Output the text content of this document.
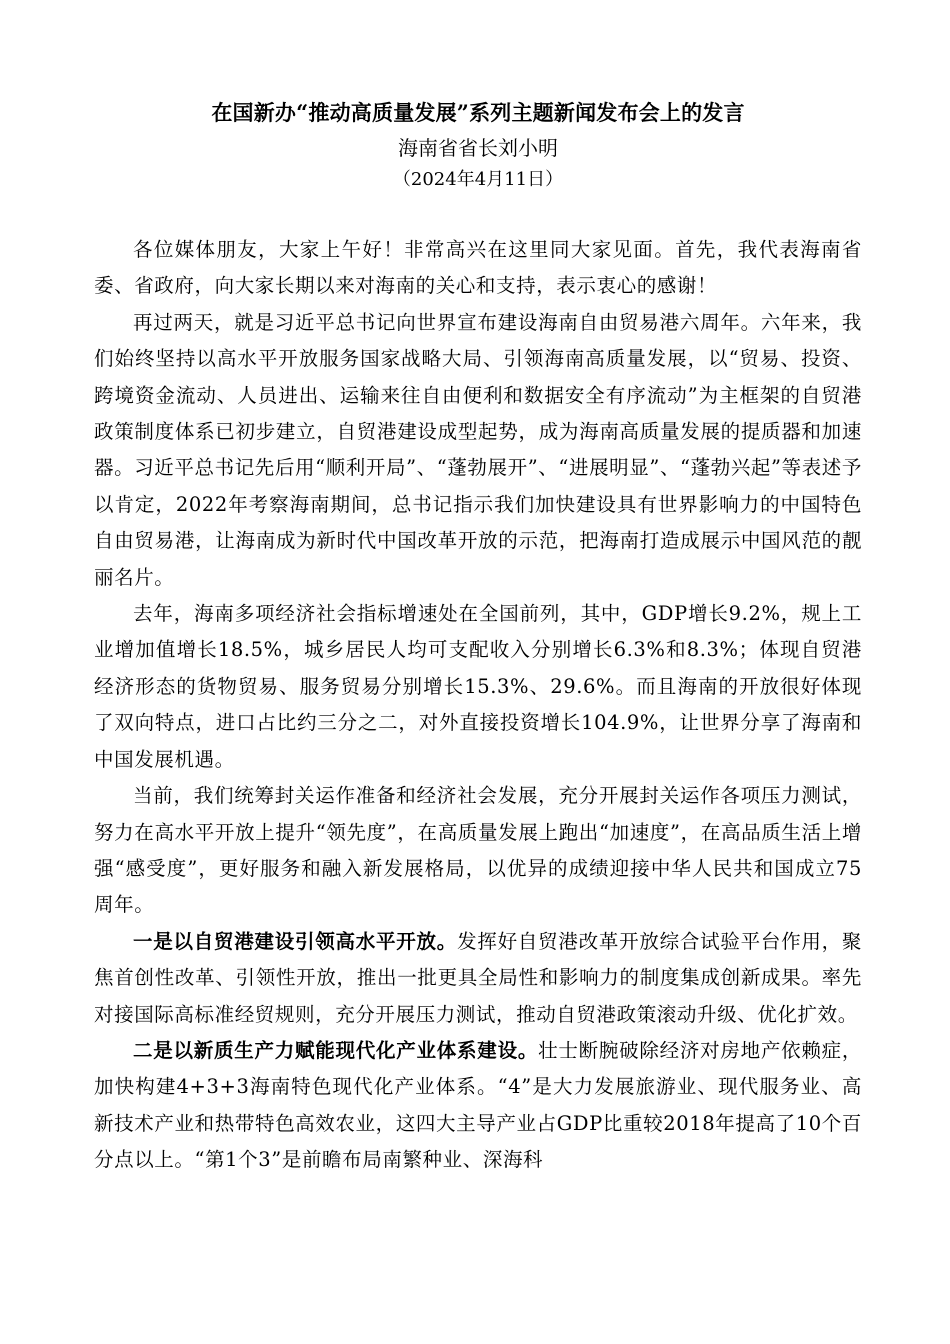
在国新办“推动高质量发展”系列主题新闻发布会上的发言
海南省省长刘小明
（2024年4月11日）

各位媒体朋友，大家上午好！非常高兴在这里同大家见面。首先，我代表海南省委、省政府，向大家长期以来对海南的关心和支持，表示衷心的感谢！

再过两天，就是习近平总书记向世界宣布建设海南自由贸易港六周年。六年来，我们始终坚持以高水平开放服务国家战略大局、引领海南高质量发展，以“贸易、投资、跨境资金流动、人员进出、运输来往自由便利和数据安全有序流动”为主框架的自贸港政策制度体系已初步建立，自贸港建设成型起势，成为海南高质量发展的提质器和加速器。习近平总书记先后用“顺利开局”、“蓬勃展开”、“进展明显”、“蓬勃兴起”等表述予以肯定，2022年考察海南期间，总书记指示我们加快建设具有世界影响力的中国特色自由贸易港，让海南成为新时代中国改革开放的示范，把海南打造成展示中国风范的靓丽名片。

去年，海南多项经济社会指标增速处在全国前列，其中，GDP增长9.2%，规上工业增加值增长18.5%，城乡居民人均可支配收入分别增长6.3%和8.3%；体现自贸港经济形态的货物贸易、服务贸易分别增长15.3%、29.6%。而且海南的开放很好体现了双向特点，进口占比约三分之二，对外直接投资增长104.9%，让世界分享了海南和中国发展机遇。

当前，我们统筹封关运作准备和经济社会发展，充分开展封关运作各项压力测试，努力在高水平开放上提升“领先度”，在高质量发展上跑出“加速度”，在高品质生活上增强“感受度”，更好服务和融入新发展格局，以优异的成绩迎接中华人民共和国成立75周年。

一是以自贸港建设引领高水平开放。发挥好自贸港改革开放综合试验平台作用，聚焦首创性改革、引领性开放，推出一批更具全局性和影响力的制度集成创新成果。率先对接国际高标准经贸规则，充分开展压力测试，推动自贸港政策滚动升级、优化扩效。

二是以新质生产力赋能现代化产业体系建设。壮士断腕破除经济对房地产依赖症，加快构建4+3+3海南特色现代化产业体系。“4”是大力发展旅游业、现代服务业、高新技术产业和热带特色高效农业，这四大主导产业占GDP比重较2018年提高了10个百分点以上。“第1个3”是前瞻布局南繁种业、深海科
